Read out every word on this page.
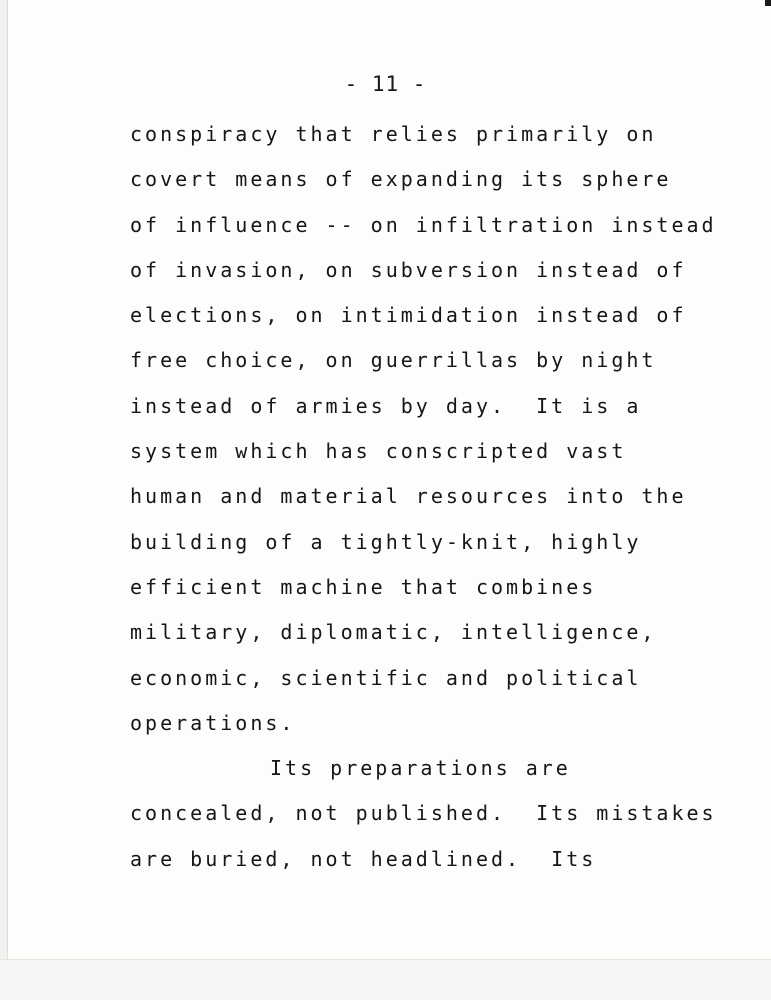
- 11 -
conspiracy that relies primarily on
covert means of expanding its sphere
of influence -- on infiltration instead
of invasion, on subversion instead of
elections, on intimidation instead of
free choice, on guerrillas by night
instead of armies by day.  It is a
system which has conscripted vast
human and material resources into the
building of a tightly-knit, highly
efficient machine that combines
military, diplomatic, intelligence,
economic, scientific and political
operations.
Its preparations are
concealed, not published.  Its mistakes
are buried, not headlined.  Its
